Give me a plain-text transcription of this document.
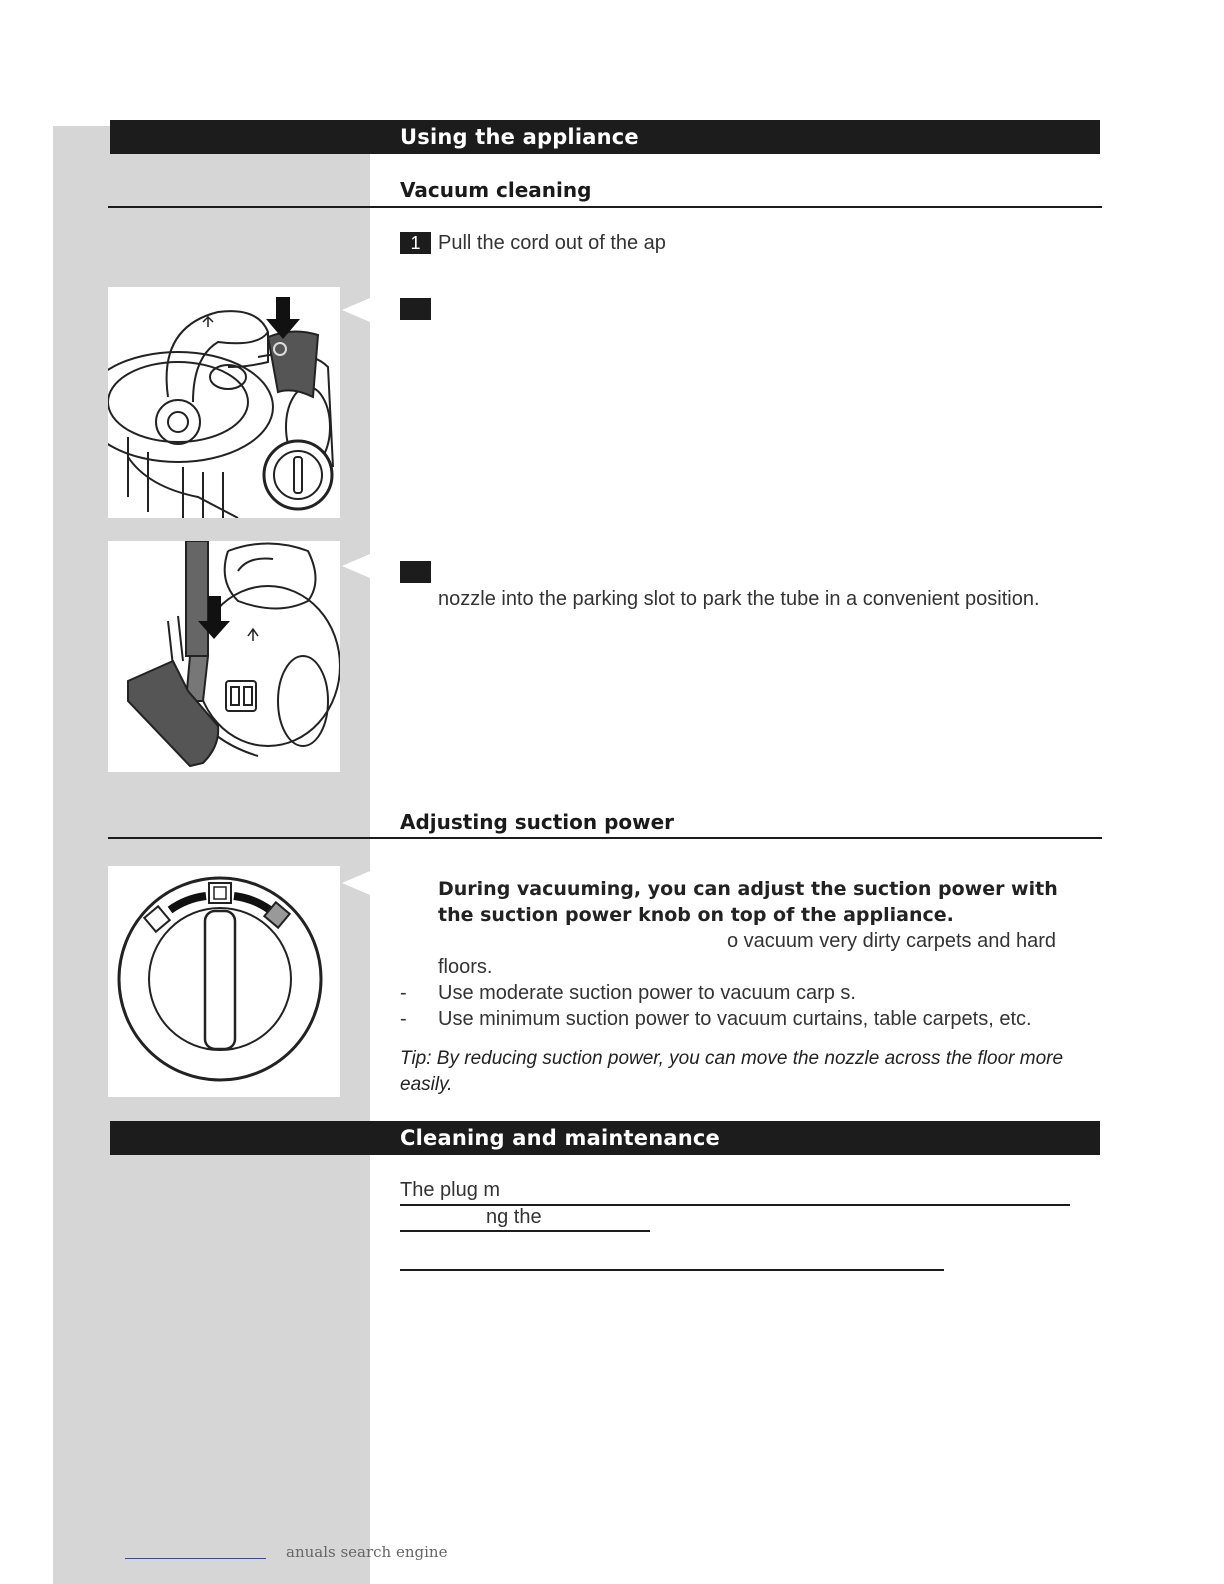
Using the appliance
Vacuum cleaning
1 Pull the cord out of the ap
nozzle into the parking slot to park the tube in a convenient position.
Adjusting suction power
During vacuuming, you can adjust the suction power with
the suction power knob on top of the appliance.
o vacuum very dirty carpets and hard
floors.
- Use moderate suction power to vacuum carp s.
- Use minimum suction power to vacuum curtains, table carpets, etc.
Tip: By reducing suction power, you can move the nozzle across the floor more
easily.
Cleaning and maintenance
The plug m
ng the
anuals search engine
